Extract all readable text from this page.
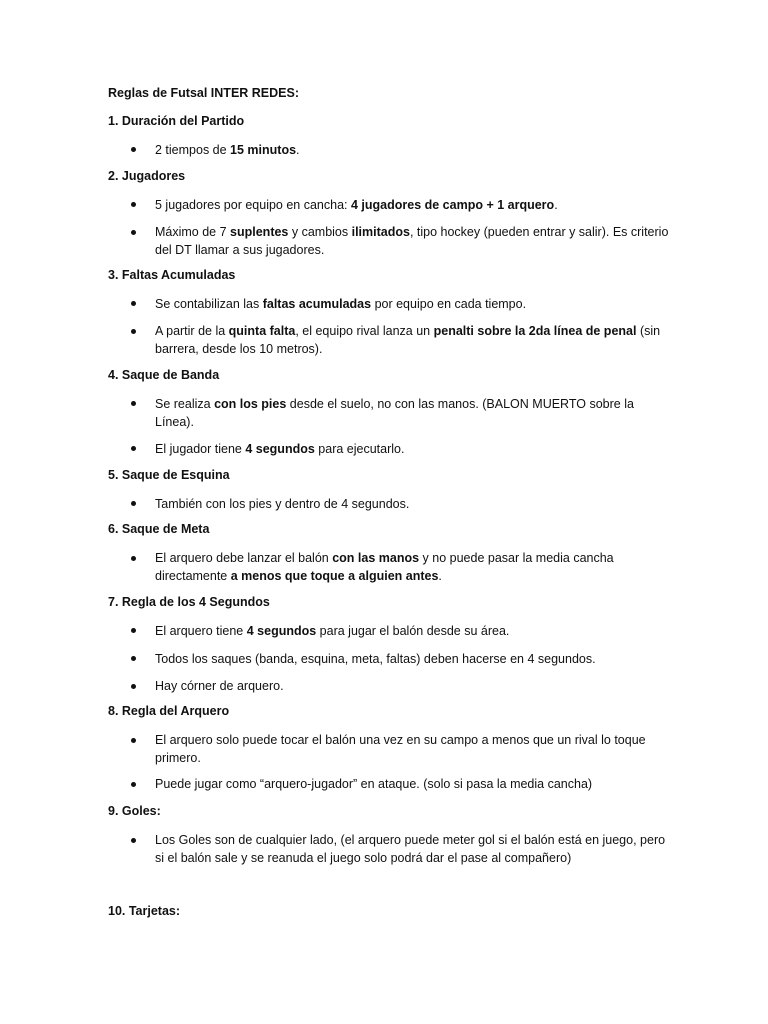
Reglas de Futsal INTER REDES:
1. Duración del Partido
2 tiempos de 15 minutos.
2. Jugadores
5 jugadores por equipo en cancha: 4 jugadores de campo + 1 arquero.
Máximo de 7 suplentes y cambios ilimitados, tipo hockey (pueden entrar y salir). Es criterio del DT llamar a sus jugadores.
3. Faltas Acumuladas
Se contabilizan las faltas acumuladas por equipo en cada tiempo.
A partir de la quinta falta, el equipo rival lanza un penalti sobre la 2da línea de penal (sin barrera, desde los 10 metros).
4. Saque de Banda
Se realiza con los pies desde el suelo, no con las manos. (BALON MUERTO sobre la Línea).
El jugador tiene 4 segundos para ejecutarlo.
5. Saque de Esquina
También con los pies y dentro de 4 segundos.
6. Saque de Meta
El arquero debe lanzar el balón con las manos y no puede pasar la media cancha directamente a menos que toque a alguien antes.
7. Regla de los 4 Segundos
El arquero tiene 4 segundos para jugar el balón desde su área.
Todos los saques (banda, esquina, meta, faltas) deben hacerse en 4 segundos.
Hay córner de arquero.
8. Regla del Arquero
El arquero solo puede tocar el balón una vez en su campo a menos que un rival lo toque primero.
Puede jugar como “arquero-jugador” en ataque. (solo si pasa la media cancha)
9. Goles:
Los Goles son de cualquier lado, (el arquero puede meter gol si el balón está en juego, pero si el balón sale y se reanuda el juego solo podrá dar el pase al compañero)
10. Tarjetas:
